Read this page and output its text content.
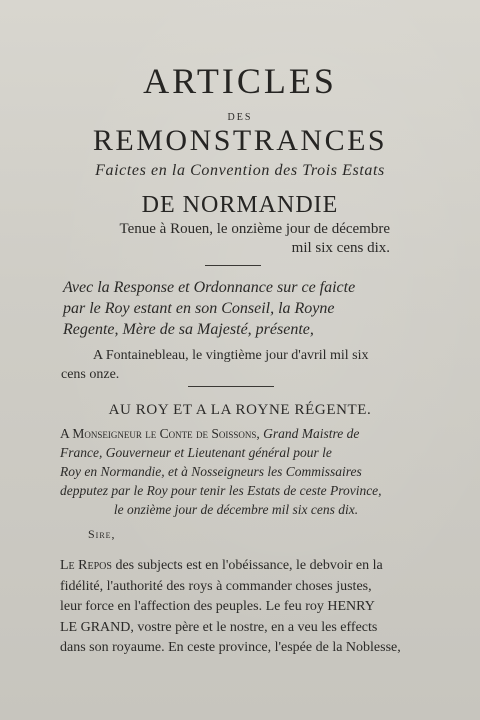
ARTICLES
DES
REMONSTRANCES
Faictes en la Convention des Trois Estats
DE NORMANDIE
Tenue à Rouen, le onzième jour de décembre
mil six cens dix.
Avec la Response et Ordonnance sur ce faicte
par le Roy estant en son Conseil, la Royne
Regente, Mère de sa Majesté, présente,
A Fontainebleau, le vingtième jour d'avril mil six
cens onze.
AU ROY ET A LA ROYNE RÉGENTE.
A Monseigneur le Conte de Soissons, Grand Maistre de
France, Gouverneur et Lieutenant général pour le
Roy en Normandie, et à Nosseigneurs les Commissaires
depputez par le Roy pour tenir les Estats de ceste Province,
le onzième jour de décembre mil six cens dix.
Sire,
Le Repos des subjects est en l'obéissance, le debvoir en la
fidélité, l'authorité des roys à commander choses justes,
leur force en l'affection des peuples. Le feu roy HENRY
LE GRAND, vostre père et le nostre, en a veu les effects
dans son royaume. En ceste province, l'espée de la Noblesse,
